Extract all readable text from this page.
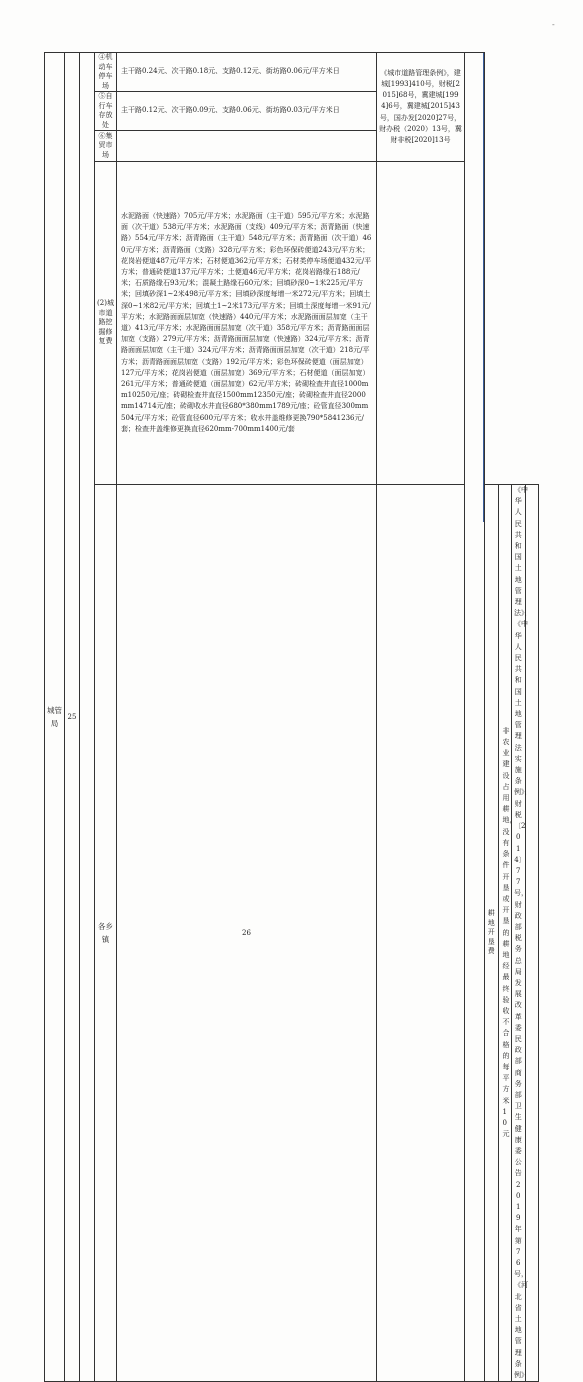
-
城管局	25		④机动车停车场	主干路0.24元、次干路0.18元、支路0.12元、街坊路0.06元/平方米日	《城市道路管理条例》，建城[1993]410号，财税[2015]68号，冀建城[1994]6号，冀建城[2015]43号，国办发[2020]27号，财办税（2020）13号，冀财非税[2020]13号					
			⑤自行车存放处	主干路0.12元、次干路0.09元、支路0.06元、街坊路0.03元/平方米日						
			⑥集贸市场							
			(2)城市道路挖掘修复费	水泥路面（快速路）705元/平方米；水泥路面（主干道）595元/平方米；水泥路面（次干道）538元/平方米；水泥路面（支线）409元/平方米；沥青路面（快速路）554元/平方米；沥青路面（主干道）548元/平方米；沥青路面（次干道）460元/平方米；沥青路面（支路）328元/平方米；彩色环保砖便道243元/平方米；花岗岩便道487元/平方米；石材便道362元/平方米；石材类停车场便道432元/平方米；普通砖便道137元/平方米；土便道46元/平方米；花岗岩路缘石188元/米；石质路缘石93元/米；混凝土路缘石60元/米；回填砂深0~1米225元/平方米；回填砂深1~2米498元/平方米；回填砂深度每增一米272元/平方米；回填土深0~1米82元/平方米；回填土1~2米173元/平方米；回填土深度每增一米91元/平方米；水泥路面面层加宽（快速路）440元/平方米；水泥路面面层加宽（主干道）413元/平方米；水泥路面面层加宽（次干道）358元/平方米；沥青路面面层加宽（支路）279元/平方米；沥青路面面层加宽（快速路）324元/平方米；沥青路面面层加宽（主干道）324元/平方米；沥青路面面层加宽（次干道）218元/平方米；沥青路面面层加宽（支路）192元/平方米；彩色环保砖便道（面层加宽）127元/平方米；花岗岩便道（面层加宽）369元/平方米；石材便道（面层加宽）261元/平方米；普通砖便道（面层加宽）62元/平方米；砖砌检查井直径1000mm10250元/座；砖砌检查井直径1500mm12350元/座；砖砌检查井直径2000mm14714元/座；砖砌收水井直径680*380mm1789元/座；砼管直径300mm504元/平方米；砼管直径600元/平方米；收水井盖维修更换790*5841236元/套；检查井盖维修更换直径620mm-700mm1400元/套						
			各乡镇	26			耕地开垦费	非农业建设占用耕地，没有条件开垦或开垦的耕地经最终验收不合格的每平方米10元	《中华人民共和国土地管理法》，《中华人民共和国土地管理法实施条例》，财税〔2014〕77号，财政部 税务总局 发展改革委 民政部 商务部 卫生健康委公告2019年第76号，《河北省土地管理条例》	
